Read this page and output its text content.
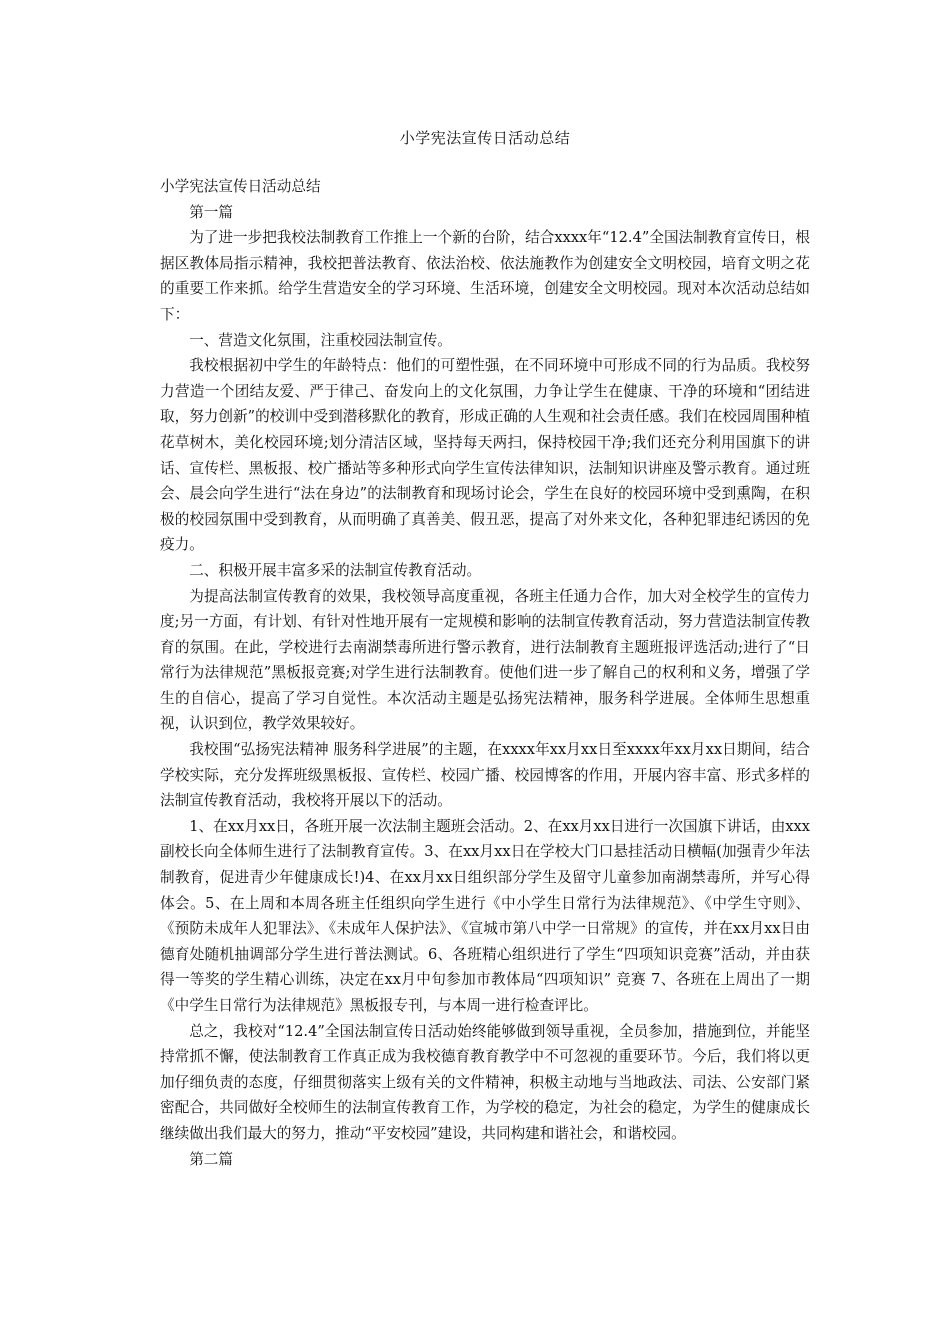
小学宪法宣传日活动总结

小学宪法宣传日活动总结

第一篇

为了进一步把我校法制教育工作推上一个新的台阶，结合xxxx年“12.4”全国法制教育宣传日，根据区教体局指示精神，我校把普法教育、依法治校、依法施教作为创建安全文明校园，培育文明之花的重要工作来抓。给学生营造安全的学习环境、生活环境，创建安全文明校园。现对本次活动总结如下：

一、营造文化氛围，注重校园法制宣传。

我校根据初中学生的年龄特点：他们的可塑性强，在不同环境中可形成不同的行为品质。我校努力营造一个团结友爱、严于律己、奋发向上的文化氛围，力争让学生在健康、干净的环境和“团结进取，努力创新”的校训中受到潜移默化的教育，形成正确的人生观和社会责任感。我们在校园周围种植花草树木，美化校园环境;划分清洁区域，坚持每天两扫，保持校园干净;我们还充分利用国旗下的讲话、宣传栏、黑板报、校广播站等多种形式向学生宣传法律知识，法制知识讲座及警示教育。通过班会、晨会向学生进行“法在身边”的法制教育和现场讨论会，学生在良好的校园环境中受到熏陶，在积极的校园氛围中受到教育，从而明确了真善美、假丑恶，提高了对外来文化，各种犯罪违纪诱因的免疫力。

二、积极开展丰富多采的法制宣传教育活动。

为提高法制宣传教育的效果，我校领导高度重视，各班主任通力合作，加大对全校学生的宣传力度;另一方面，有计划、有针对性地开展有一定规模和影响的法制宣传教育活动，努力营造法制宣传教育的氛围。在此，学校进行去南湖禁毒所进行警示教育，进行法制教育主题班报评选活动;进行了“日常行为法律规范”黑板报竞赛;对学生进行法制教育。使他们进一步了解自己的权利和义务，增强了学生的自信心，提高了学习自觉性。本次活动主题是弘扬宪法精神，服务科学进展。全体师生思想重视，认识到位，教学效果较好。

我校围“弘扬宪法精神 服务科学进展”的主题，在xxxx年xx月xx日至xxxx年xx月xx日期间，结合学校实际，充分发挥班级黑板报、宣传栏、校园广播、校园博客的作用，开展内容丰富、形式多样的法制宣传教育活动，我校将开展以下的活动。

1、在xx月xx日，各班开展一次法制主题班会活动。2、在xx月xx日进行一次国旗下讲话，由xxx副校长向全体师生进行了法制教育宣传。3、在xx月xx日在学校大门口悬挂活动日横幅(加强青少年法制教育，促进青少年健康成长!)4、在xx月xx日组织部分学生及留守儿童参加南湖禁毒所，并写心得体会。5、在上周和本周各班主任组织向学生进行《中小学生日常行为法律规范》、《中学生守则》、《预防未成年人犯罪法》、《未成年人保护法》、《宣城市第八中学一日常规》的宣传，并在xx月xx日由德育处随机抽调部分学生进行普法测试。6、各班精心组织进行了学生“四项知识竞赛”活动，并由获得一等奖的学生精心训练，决定在xx月中旬参加市教体局“四项知识” 竞赛 7、各班在上周出了一期《中学生日常行为法律规范》黑板报专刊，与本周一进行检查评比。

总之，我校对“12.4”全国法制宣传日活动始终能够做到领导重视，全员参加，措施到位，并能坚持常抓不懈，使法制教育工作真正成为我校德育教育教学中不可忽视的重要环节。今后，我们将以更加仔细负责的态度，仔细贯彻落实上级有关的文件精神，积极主动地与当地政法、司法、公安部门紧密配合，共同做好全校师生的法制宣传教育工作，为学校的稳定，为社会的稳定，为学生的健康成长继续做出我们最大的努力，推动“平安校园”建设，共同构建和谐社会，和谐校园。

第二篇
